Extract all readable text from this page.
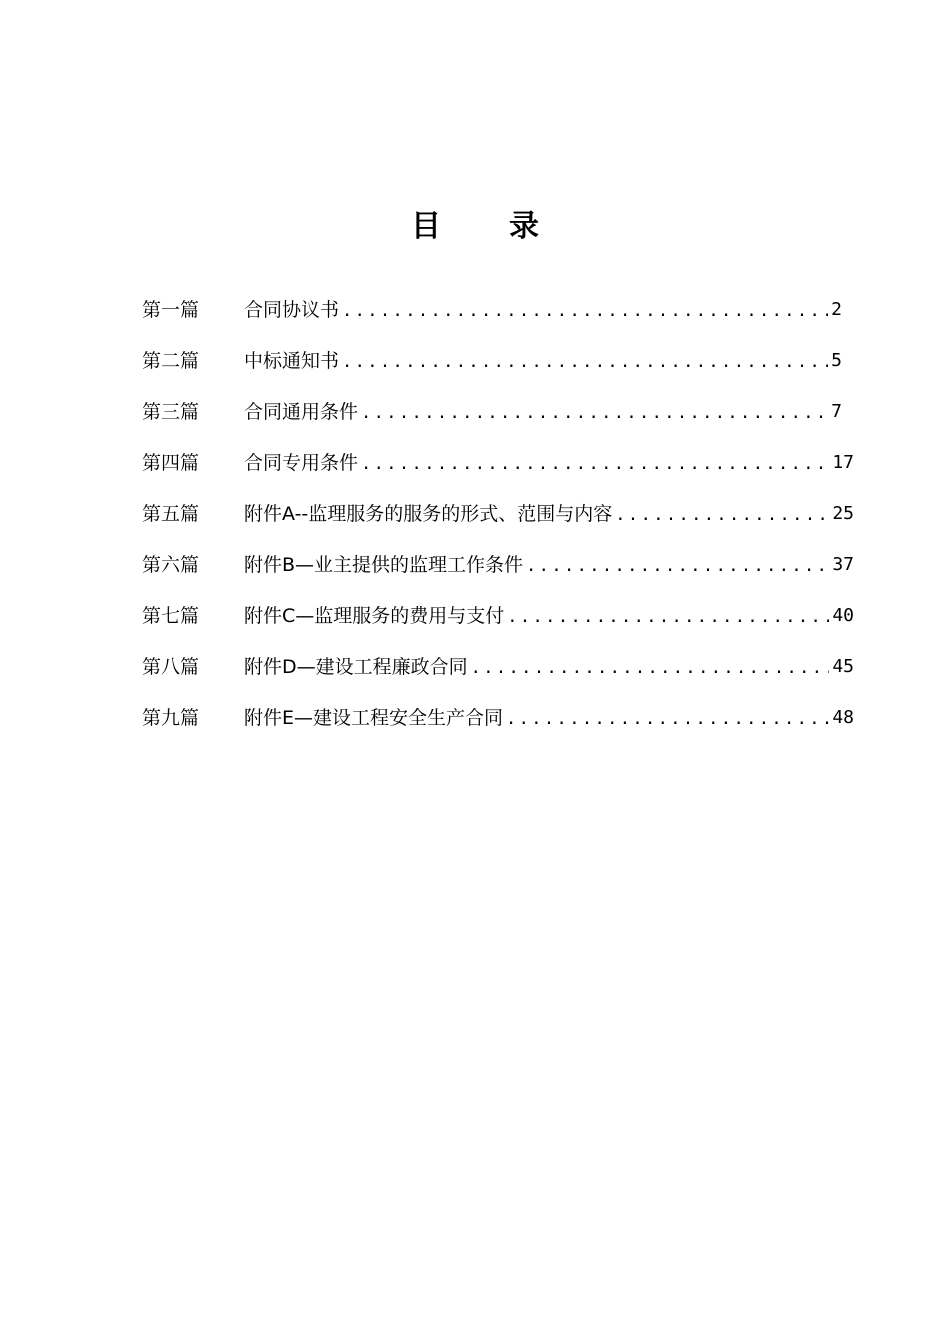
目 录
第一篇	合同协议书 .....	2
第二篇	中标通知书 .....	5
第三篇	合同通用条件 .....	7
第四篇	合同专用条件 .....	17
第五篇	附件A--监理服务的服务的形式、范围与内容 .....	25
第六篇	附件B—业主提供的监理工作条件 .....	37
第七篇	附件C—监理服务的费用与支付 .....	40
第八篇	附件D—建设工程廉政合同 .....	45
第九篇	附件E—建设工程安全生产合同 .....	48
